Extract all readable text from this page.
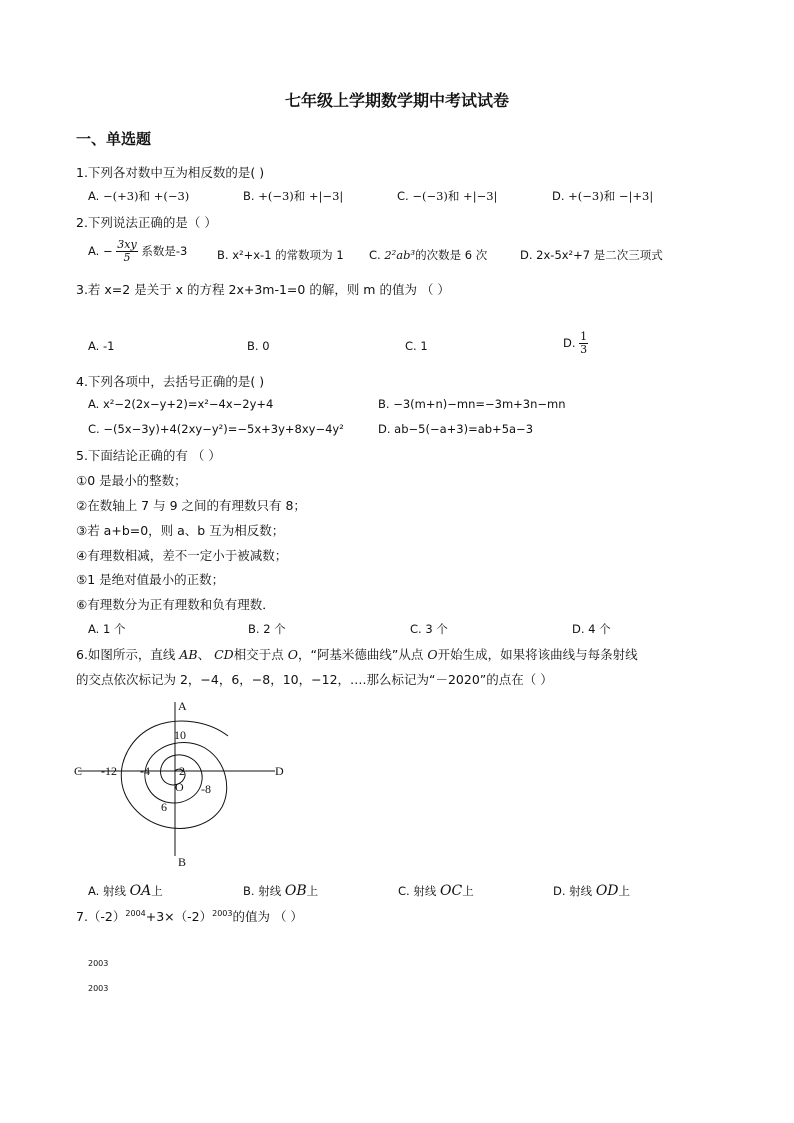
七年级上学期数学期中考试试卷
一、单选题
1.下列各对数中互为相反数的是( )
A. −(+3)和 +(−3)	B. +(−3)和 +|−3|	C. −(−3)和 +|−3|	D. +(−3)和 −|+3|
2.下列说法正确的是（ ）
A. − $\frac{3xy}{5}$ 系数是-3	B. x²+x-1 的常数项为 1 C. 2²ab³的次数是 6 次	D. 2x-5x²+7 是二次三项式
3.若 x=2 是关于 x 的方程 2x+3m-1=0 的解，则 m 的值为 （ ）
A. -1	B. 0	C. 1	D. $\frac{1}{3}$
4.下列各项中，去括号正确的是( )
A. x²−2(2x−y+2)=x²−4x−2y+4	B. −3(m+n)−mn=−3m+3n−mn
C. −(5x−3y)+4(2xy−y²)=−5x+3y+8xy−4y²	D. ab−5(−a+3)=ab+5a−3
5.下面结论正确的有 （ ）
①0 是最小的整数；
②在数轴上 7 与 9 之间的有理数只有 8；
③若 a+b=0，则 a、b 互为相反数；
④有理数相减，差不一定小于被减数；
⑤1 是绝对值最小的正数；
⑥有理数分为正有理数和负有理数．
A. 1 个	B. 2 个	C. 3 个	D. 4 个
6.如图所示，直线 AB、 CD相交于点 O，“阿基米德曲线”从点 O开始生成，如果将该曲线与每条射线
的交点依次标记为 2，−4，6，−8，10，−12，….那么标记为“－2020”的点在（ ）
A
B
C	D
O
10
-12 -4 2
-8
6
A. 射线 OA上	B. 射线 OB上	C. 射线 OC上	D. 射线 OD上
$7.(-2)^{2004}+3\times(-2)^{2003}$的值为 （ ）
2003
2003
